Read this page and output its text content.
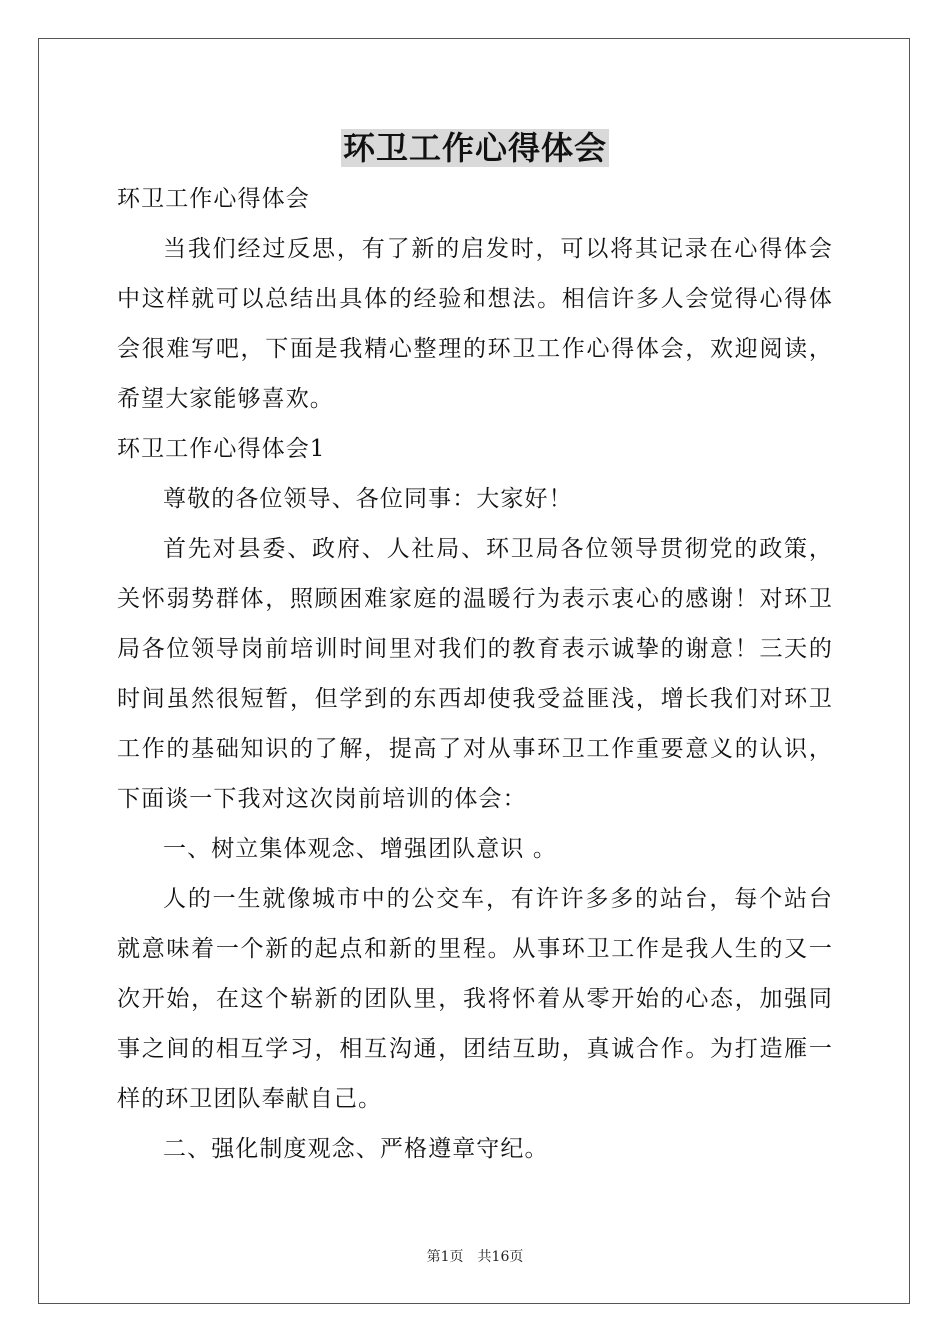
环卫工作心得体会

环卫工作心得体会

当我们经过反思，有了新的启发时，可以将其记录在心得体会中这样就可以总结出具体的经验和想法。相信许多人会觉得心得体会很难写吧，下面是我精心整理的环卫工作心得体会，欢迎阅读，希望大家能够喜欢。

环卫工作心得体会1

尊敬的各位领导、各位同事：大家好！

首先对县委、政府、人社局、环卫局各位领导贯彻党的政策，关怀弱势群体，照顾困难家庭的温暖行为表示衷心的感谢！对环卫局各位领导岗前培训时间里对我们的教育表示诚挚的谢意！三天的时间虽然很短暂，但学到的东西却使我受益匪浅，增长我们对环卫工作的基础知识的了解，提高了对从事环卫工作重要意义的认识，下面谈一下我对这次岗前培训的体会：

一、树立集体观念、增强团队意识 。

人的一生就像城市中的公交车，有许许多多的站台，每个站台就意味着一个新的起点和新的里程。从事环卫工作是我人生的又一次开始，在这个崭新的团队里，我将怀着从零开始的心态，加强同事之间的相互学习，相互沟通，团结互助，真诚合作。为打造雁一样的环卫团队奉献自己。

二、强化制度观念、严格遵章守纪。

第1页　共16页
